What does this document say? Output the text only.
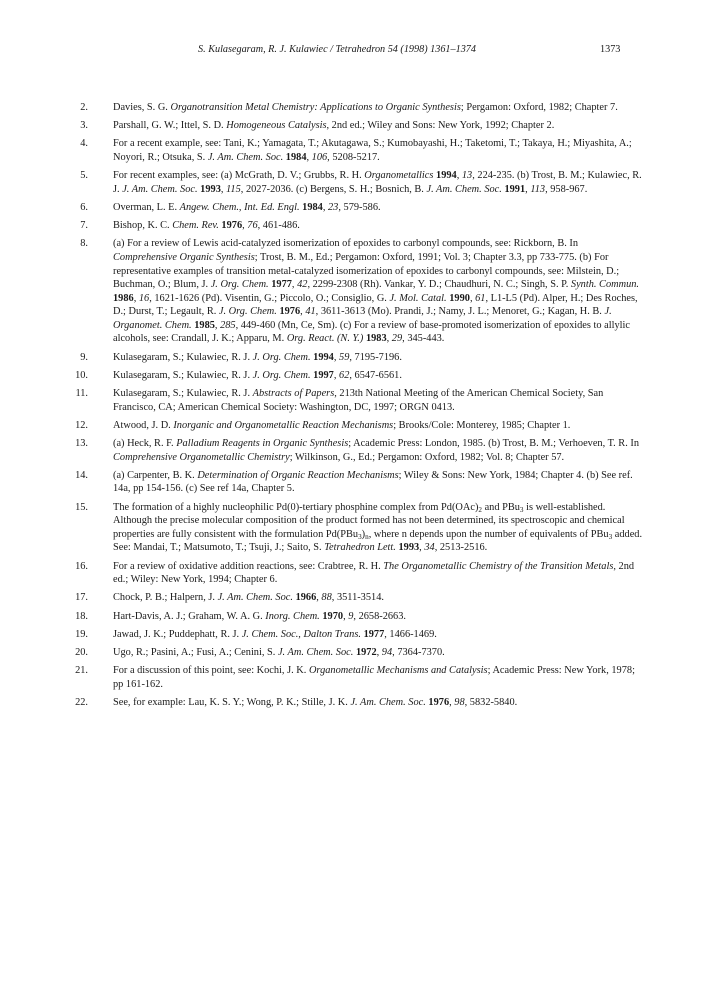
S. Kulasegaram, R. J. Kulawiec / Tetrahedron 54 (1998) 1361–1374	1373
2. Davies, S. G. Organotransition Metal Chemistry: Applications to Organic Synthesis; Pergamon: Oxford, 1982; Chapter 7.
3. Parshall, G. W.; Ittel, S. D. Homogeneous Catalysis, 2nd ed.; Wiley and Sons: New York, 1992; Chapter 2.
4. For a recent example, see: Tani, K.; Yamagata, T.; Akutagawa, S.; Kumobayashi, H.; Taketomi, T.; Takaya, H.; Miyashita, A.; Noyori, R.; Otsuka, S. J. Am. Chem. Soc. 1984, 106, 5208-5217.
5. For recent examples, see: (a) McGrath, D. V.; Grubbs, R. H. Organometallics 1994, 13, 224-235. (b) Trost, B. M.; Kulawiec, R. J. J. Am. Chem. Soc. 1993, 115, 2027-2036. (c) Bergens, S. H.; Bosnich, B. J. Am. Chem. Soc. 1991, 113, 958-967.
6. Overman, L. E. Angew. Chem., Int. Ed. Engl. 1984, 23, 579-586.
7. Bishop, K. C. Chem. Rev. 1976, 76, 461-486.
8. (a) For a review of Lewis acid-catalyzed isomerization of epoxides to carbonyl compounds, see: Rickborn, B. In Comprehensive Organic Synthesis; Trost, B. M., Ed.; Pergamon: Oxford, 1991; Vol. 3; Chapter 3.3, pp 733-775. (b) For representative examples of transition metal-catalyzed isomerization of epoxides to carbonyl compounds, see: Milstein, D.; Buchman, O.; Blum, J. J. Org. Chem. 1977, 42, 2299-2308 (Rh). Vankar, Y. D.; Chaudhuri, N. C.; Singh, S. P. Synth. Commun. 1986, 16, 1621-1626 (Pd). Visentin, G.; Piccolo, O.; Consiglio, G. J. Mol. Catal. 1990, 61, L1-L5 (Pd). Alper, H.; Des Roches, D.; Durst, T.; Legault, R. J. Org. Chem. 1976, 41, 3611-3613 (Mo). Prandi, J.; Namy, J. L.; Menoret, G.; Kagan, H. B. J. Organomet. Chem. 1985, 285, 449-460 (Mn, Ce, Sm). (c) For a review of base-promoted isomerization of epoxides to allylic alcohols, see: Crandall, J. K.; Apparu, M. Org. React. (N. Y.) 1983, 29, 345-443.
9. Kulasegaram, S.; Kulawiec, R. J. J. Org. Chem. 1994, 59, 7195-7196.
10. Kulasegaram, S.; Kulawiec, R. J. J. Org. Chem. 1997, 62, 6547-6561.
11. Kulasegaram, S.; Kulawiec, R. J. Abstracts of Papers, 213th National Meeting of the American Chemical Society, San Francisco, CA; American Chemical Society: Washington, DC, 1997; ORGN 0413.
12. Atwood, J. D. Inorganic and Organometallic Reaction Mechanisms; Brooks/Cole: Monterey, 1985; Chapter 1.
13. (a) Heck, R. F. Palladium Reagents in Organic Synthesis; Academic Press: London, 1985. (b) Trost, B. M.; Verhoeven, T. R. In Comprehensive Organometallic Chemistry; Wilkinson, G., Ed.; Pergamon: Oxford, 1982; Vol. 8; Chapter 57.
14. (a) Carpenter, B. K. Determination of Organic Reaction Mechanisms; Wiley & Sons: New York, 1984; Chapter 4. (b) See ref. 14a, pp 154-156. (c) See ref 14a, Chapter 5.
15. The formation of a highly nucleophilic Pd(0)-tertiary phosphine complex from $Pd(OAc)_2$ and PBu$_3$ is well-established. Although the precise molecular composition of the product formed has not been determined, its spectroscopic and chemical properties are fully consistent with the formulation $Pd(PBu_3)_n$, where n depends upon the number of equivalents of PBu$_3$ added. See: Mandai, T.; Matsumoto, T.; Tsuji, J.; Saito, S. Tetrahedron Lett. 1993, 34, 2513-2516.
16. For a review of oxidative addition reactions, see: Crabtree, R. H. The Organometallic Chemistry of the Transition Metals, 2nd ed.; Wiley: New York, 1994; Chapter 6.
17. Chock, P. B.; Halpern, J. J. Am. Chem. Soc. 1966, 88, 3511-3514.
18. Hart-Davis, A. J.; Graham, W. A. G. Inorg. Chem. 1970, 9, 2658-2663.
19. Jawad, J. K.; Puddephatt, R. J. J. Chem. Soc., Dalton Trans. 1977, 1466-1469.
20. Ugo, R.; Pasini, A.; Fusi, A.; Cenini, S. J. Am. Chem. Soc. 1972, 94, 7364-7370.
21. For a discussion of this point, see: Kochi, J. K. Organometallic Mechanisms and Catalysis; Academic Press: New York, 1978; pp 161-162.
22. See, for example: Lau, K. S. Y.; Wong, P. K.; Stille, J. K. J. Am. Chem. Soc. 1976, 98, 5832-5840.
